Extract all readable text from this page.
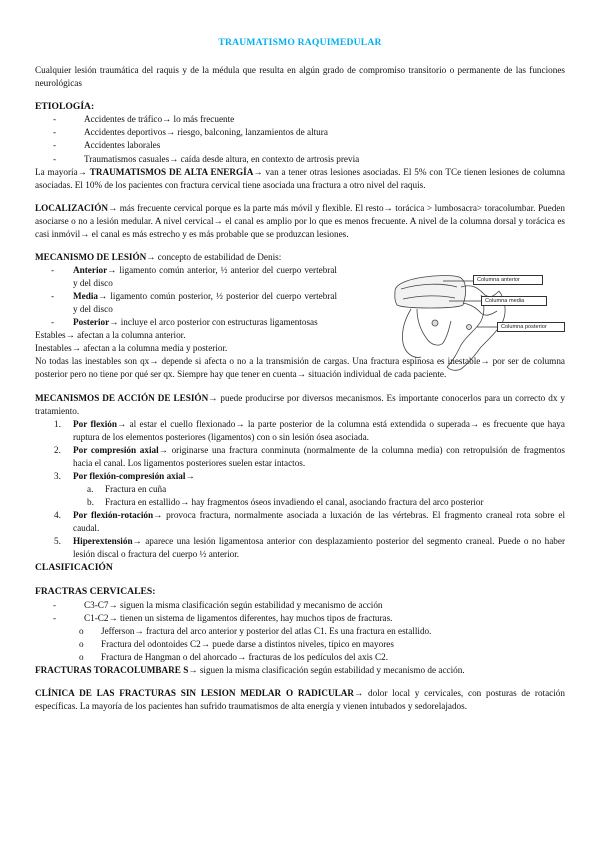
TRAUMATISMO RAQUIMEDULAR

Cualquier lesión traumática del raquis y de la médula que resulta en algún grado de compromiso transitorio o permanente de las funciones neurológicas

ETIOLOGÍA:
- Accidentes de tráfico→ lo más frecuente
- Accidentes deportivos→ riesgo, balconing, lanzamientos de altura
- Accidentes laborales
- Traumatismos casuales→ caída desde altura, en contexto de artrosis previa

La mayoría→ TRAUMATISMOS DE ALTA ENERGÍA→ van a tener otras lesiones asociadas. El 5% con TCe tienen lesiones de columna asociadas. El 10% de los pacientes con fractura cervical tiene asociada una fractura a otro nivel del raquis.

LOCALIZACIÓN→ más frecuente cervical porque es la parte más móvil y flexible. El resto→ torácica > lumbosacra> toracolumbar. Pueden asociarse o no a lesión medular. A nivel cervical→ el canal es amplio por lo que es menos frecuente. A nivel de la columna dorsal y torácica es casi inmóvil→ el canal es más estrecho y es más probable que se produzcan lesiones.

MECANISMO DE LESIÓN→ concepto de estabilidad de Denis:

- Anterior→ ligamento común anterior, ½ anterior del cuerpo vertebral y del disco
- Media→ ligamento común posterior, ½ posterior del cuerpo vertebral y del disco
- Posterior→ incluye el arco posterior con estructuras ligamentosas

Estables→ afectan a la columna anterior.

Inestables→ afectan a la columna media y posterior.

Columna anterior
Columna media
Columna posterior

No todas las inestables son qx→ depende si afecta o no a la transmisión de cargas. Una fractura espinosa es inestable→ por ser de columna posterior pero no tiene por qué ser qx. Siempre hay que tener en cuenta→ situación individual de cada paciente.

MECANISMOS DE ACCIÓN DE LESIÓN→ puede producirse por diversos mecanismos. Es importante conocerlos para un correcto dx y tratamiento.

1. Por flexión→ al estar el cuello flexionado→ la parte posterior de la columna está extendida o superada→ es frecuente que haya ruptura de los elementos posteriores (ligamentos) con o sin lesión ósea asociada.
2. Por compresión axial→ originarse una fractura conminuta (normalmente de la columna media) con retropulsión de fragmentos hacia el canal. Los ligamentos posteriores suelen estar intactos.
3. Por flexión-compresión axial→
a. Fractura en cuña
b. Fractura en estallido→ hay fragmentos óseos invadiendo el canal, asociando fractura del arco posterior
4. Por flexión-rotación→ provoca fractura, normalmente asociada a luxación de las vértebras. El fragmento craneal rota sobre el caudal.
5. Hiperextensión→ aparece una lesión ligamentosa anterior con desplazamiento posterior del segmento craneal. Puede o no haber lesión discal o fractura del cuerpo ½ anterior.
CLASIFICACIÓN
FRACTRAS CERVICALES:
- C3-C7→ siguen la misma clasificación según estabilidad y mecanismo de acción
- C1-C2→ tienen un sistema de ligamentos diferentes, hay muchos tipos de fracturas.
o Jefferson→ fractura del arco anterior y posterior del atlas C1. Es una fractura en estallido.
o Fractura del odontoides C2→ puede darse a distintos niveles, típico en mayores
o Fractura de Hangman o del ahorcado→ fracturas de los pedículos del axis C2.

FRACTURAS TORACOLUMBARE S→ siguen la misma clasificación según estabilidad y mecanismo de acción.

CLÍNICA DE LAS FRACTURAS SIN LESION MEDLAR O RADICULAR→ dolor local y cervicales, con posturas de rotación específicas. La mayoría de los pacientes han sufrido traumatismos de alta energía y vienen intubados y sedorelajados.
